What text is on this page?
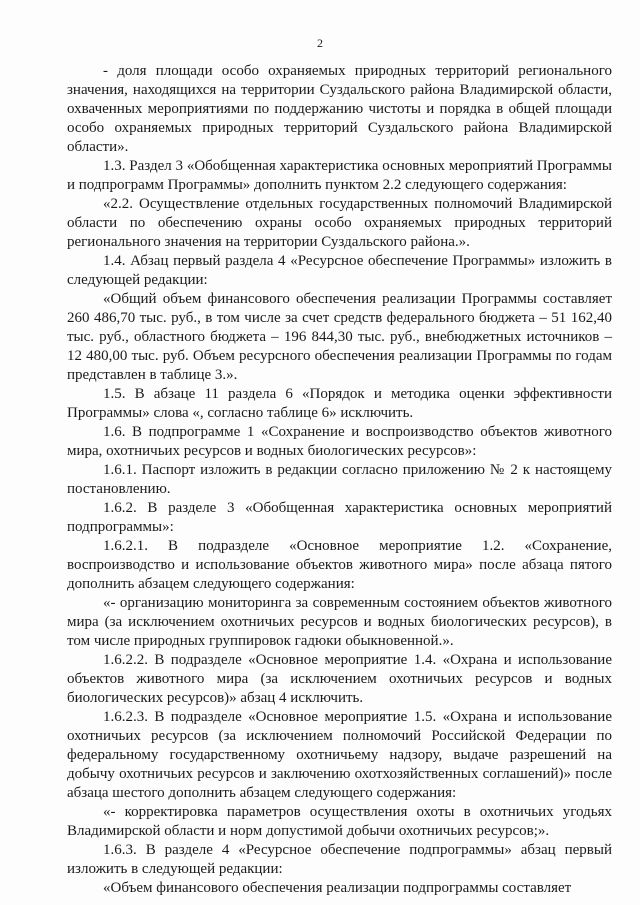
2

- доля площади особо охраняемых природных территорий регионального значения, находящихся на территории Суздальского района Владимирской области, охваченных мероприятиями по поддержанию чистоты и порядка в общей площади особо охраняемых природных территорий Суздальского района Владимирской области».

1.3. Раздел 3 «Обобщенная характеристика основных мероприятий Программы и подпрограмм Программы» дополнить пунктом 2.2 следующего содержания:

«2.2. Осуществление отдельных государственных полномочий Владимирской области по обеспечению охраны особо охраняемых природных территорий регионального значения на территории Суздальского района.».

1.4. Абзац первый раздела 4 «Ресурсное обеспечение Программы» изложить в следующей редакции:

«Общий объем финансового обеспечения реализации Программы составляет 260 486,70 тыс. руб., в том числе за счет средств федерального бюджета – 51 162,40 тыс. руб., областного бюджета – 196 844,30 тыс. руб., внебюджетных источников – 12 480,00 тыс. руб. Объем ресурсного обеспечения реализации Программы по годам представлен в таблице 3.».

1.5. В абзаце 11 раздела 6 «Порядок и методика оценки эффективности Программы» слова «, согласно таблице 6» исключить.

1.6. В подпрограмме 1 «Сохранение и воспроизводство объектов животного мира, охотничьих ресурсов и водных биологических ресурсов»:

1.6.1. Паспорт изложить в редакции согласно приложению № 2 к настоящему постановлению.

1.6.2. В разделе 3 «Обобщенная характеристика основных мероприятий подпрограммы»:

1.6.2.1. В подразделе «Основное мероприятие 1.2. «Сохранение, воспроизводство и использование объектов животного мира» после абзаца пятого дополнить абзацем следующего содержания:

«- организацию мониторинга за современным состоянием объектов животного мира (за исключением охотничьих ресурсов и водных биологических ресурсов), в том числе природных группировок гадюки обыкновенной.».

1.6.2.2. В подразделе «Основное мероприятие 1.4. «Охрана и использование объектов животного мира (за исключением охотничьих ресурсов и водных биологических ресурсов)» абзац 4 исключить.

1.6.2.3. В подразделе «Основное мероприятие 1.5. «Охрана и использование охотничьих ресурсов (за исключением полномочий Российской Федерации по федеральному государственному охотничьему надзору, выдаче разрешений на добычу охотничьих ресурсов и заключению охотхозяйственных соглашений)» после абзаца шестого дополнить абзацем следующего содержания:

«- корректировка параметров осуществления охоты в охотничьих угодьях Владимирской области и норм допустимой добычи охотничьих ресурсов;».

1.6.3. В разделе 4 «Ресурсное обеспечение подпрограммы» абзац первый изложить в следующей редакции:

«Объем финансового обеспечения реализации подпрограммы составляет
